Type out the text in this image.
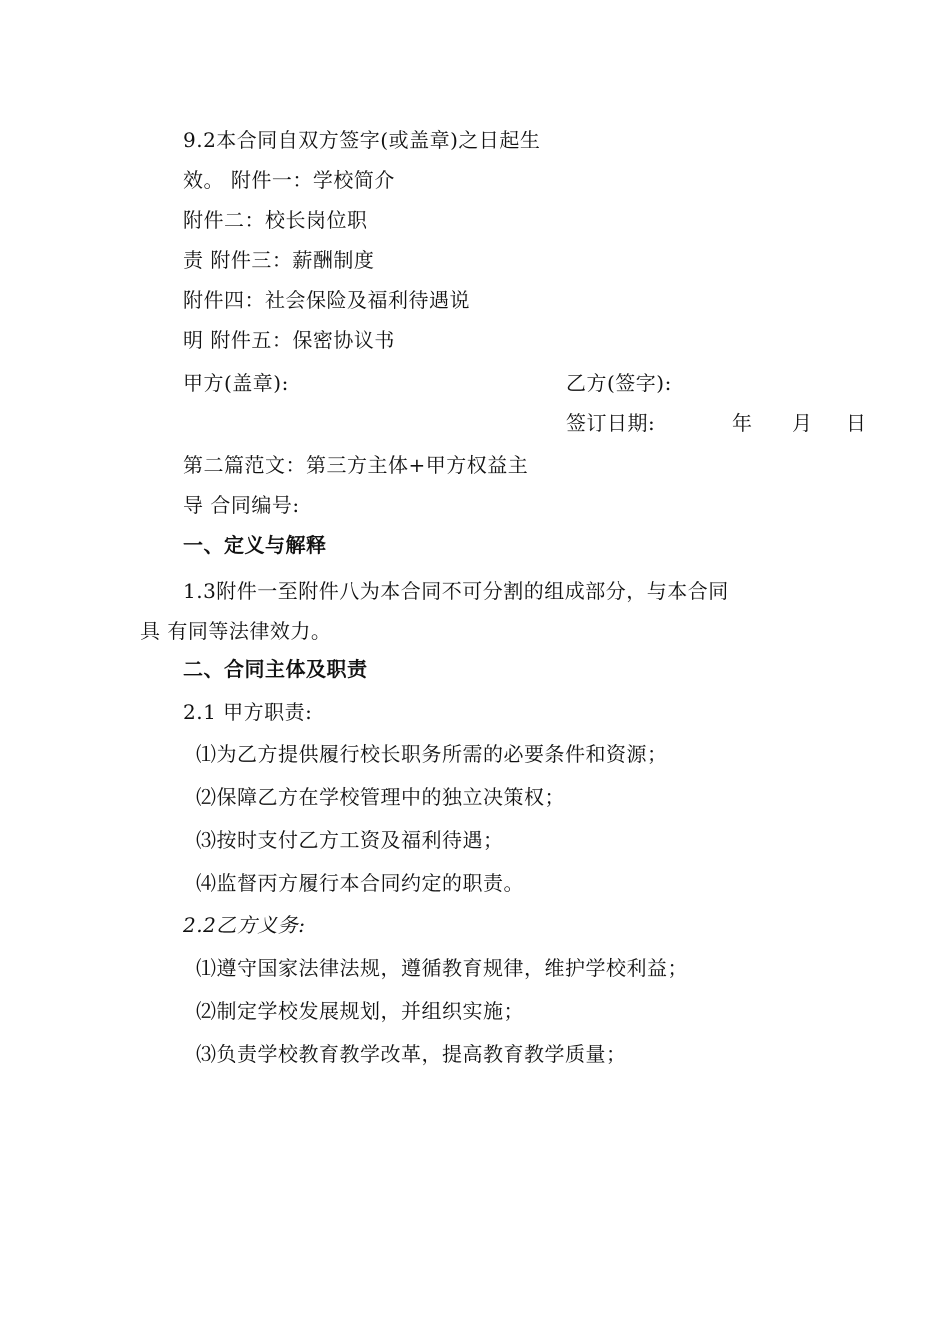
9.2本合同自双方签字(或盖章)之日起生
效。 附件一：学校简介
附件二：校长岗位职
责 附件三：薪酬制度
附件四：社会保险及福利待遇说
明 附件五：保密协议书
甲方(盖章):	乙方(签字):
签订日期:	年 月 日
第二篇范文：第三方主体+甲方权益主
导 合同编号:
一、定义与解释
1.3附件一至附件八为本合同不可分割的组成部分，与本合同
具 有同等法律效力。
二、合同主体及职责
2.1 甲方职责:
⑴为乙方提供履行校长职务所需的必要条件和资源；
⑵保障乙方在学校管理中的独立决策权；
⑶按时支付乙方工资及福利待遇；
⑷监督丙方履行本合同约定的职责。
2.2乙方义务:
⑴遵守国家法律法规，遵循教育规律，维护学校利益；
⑵制定学校发展规划，并组织实施；
⑶负责学校教育教学改革，提高教育教学质量；
